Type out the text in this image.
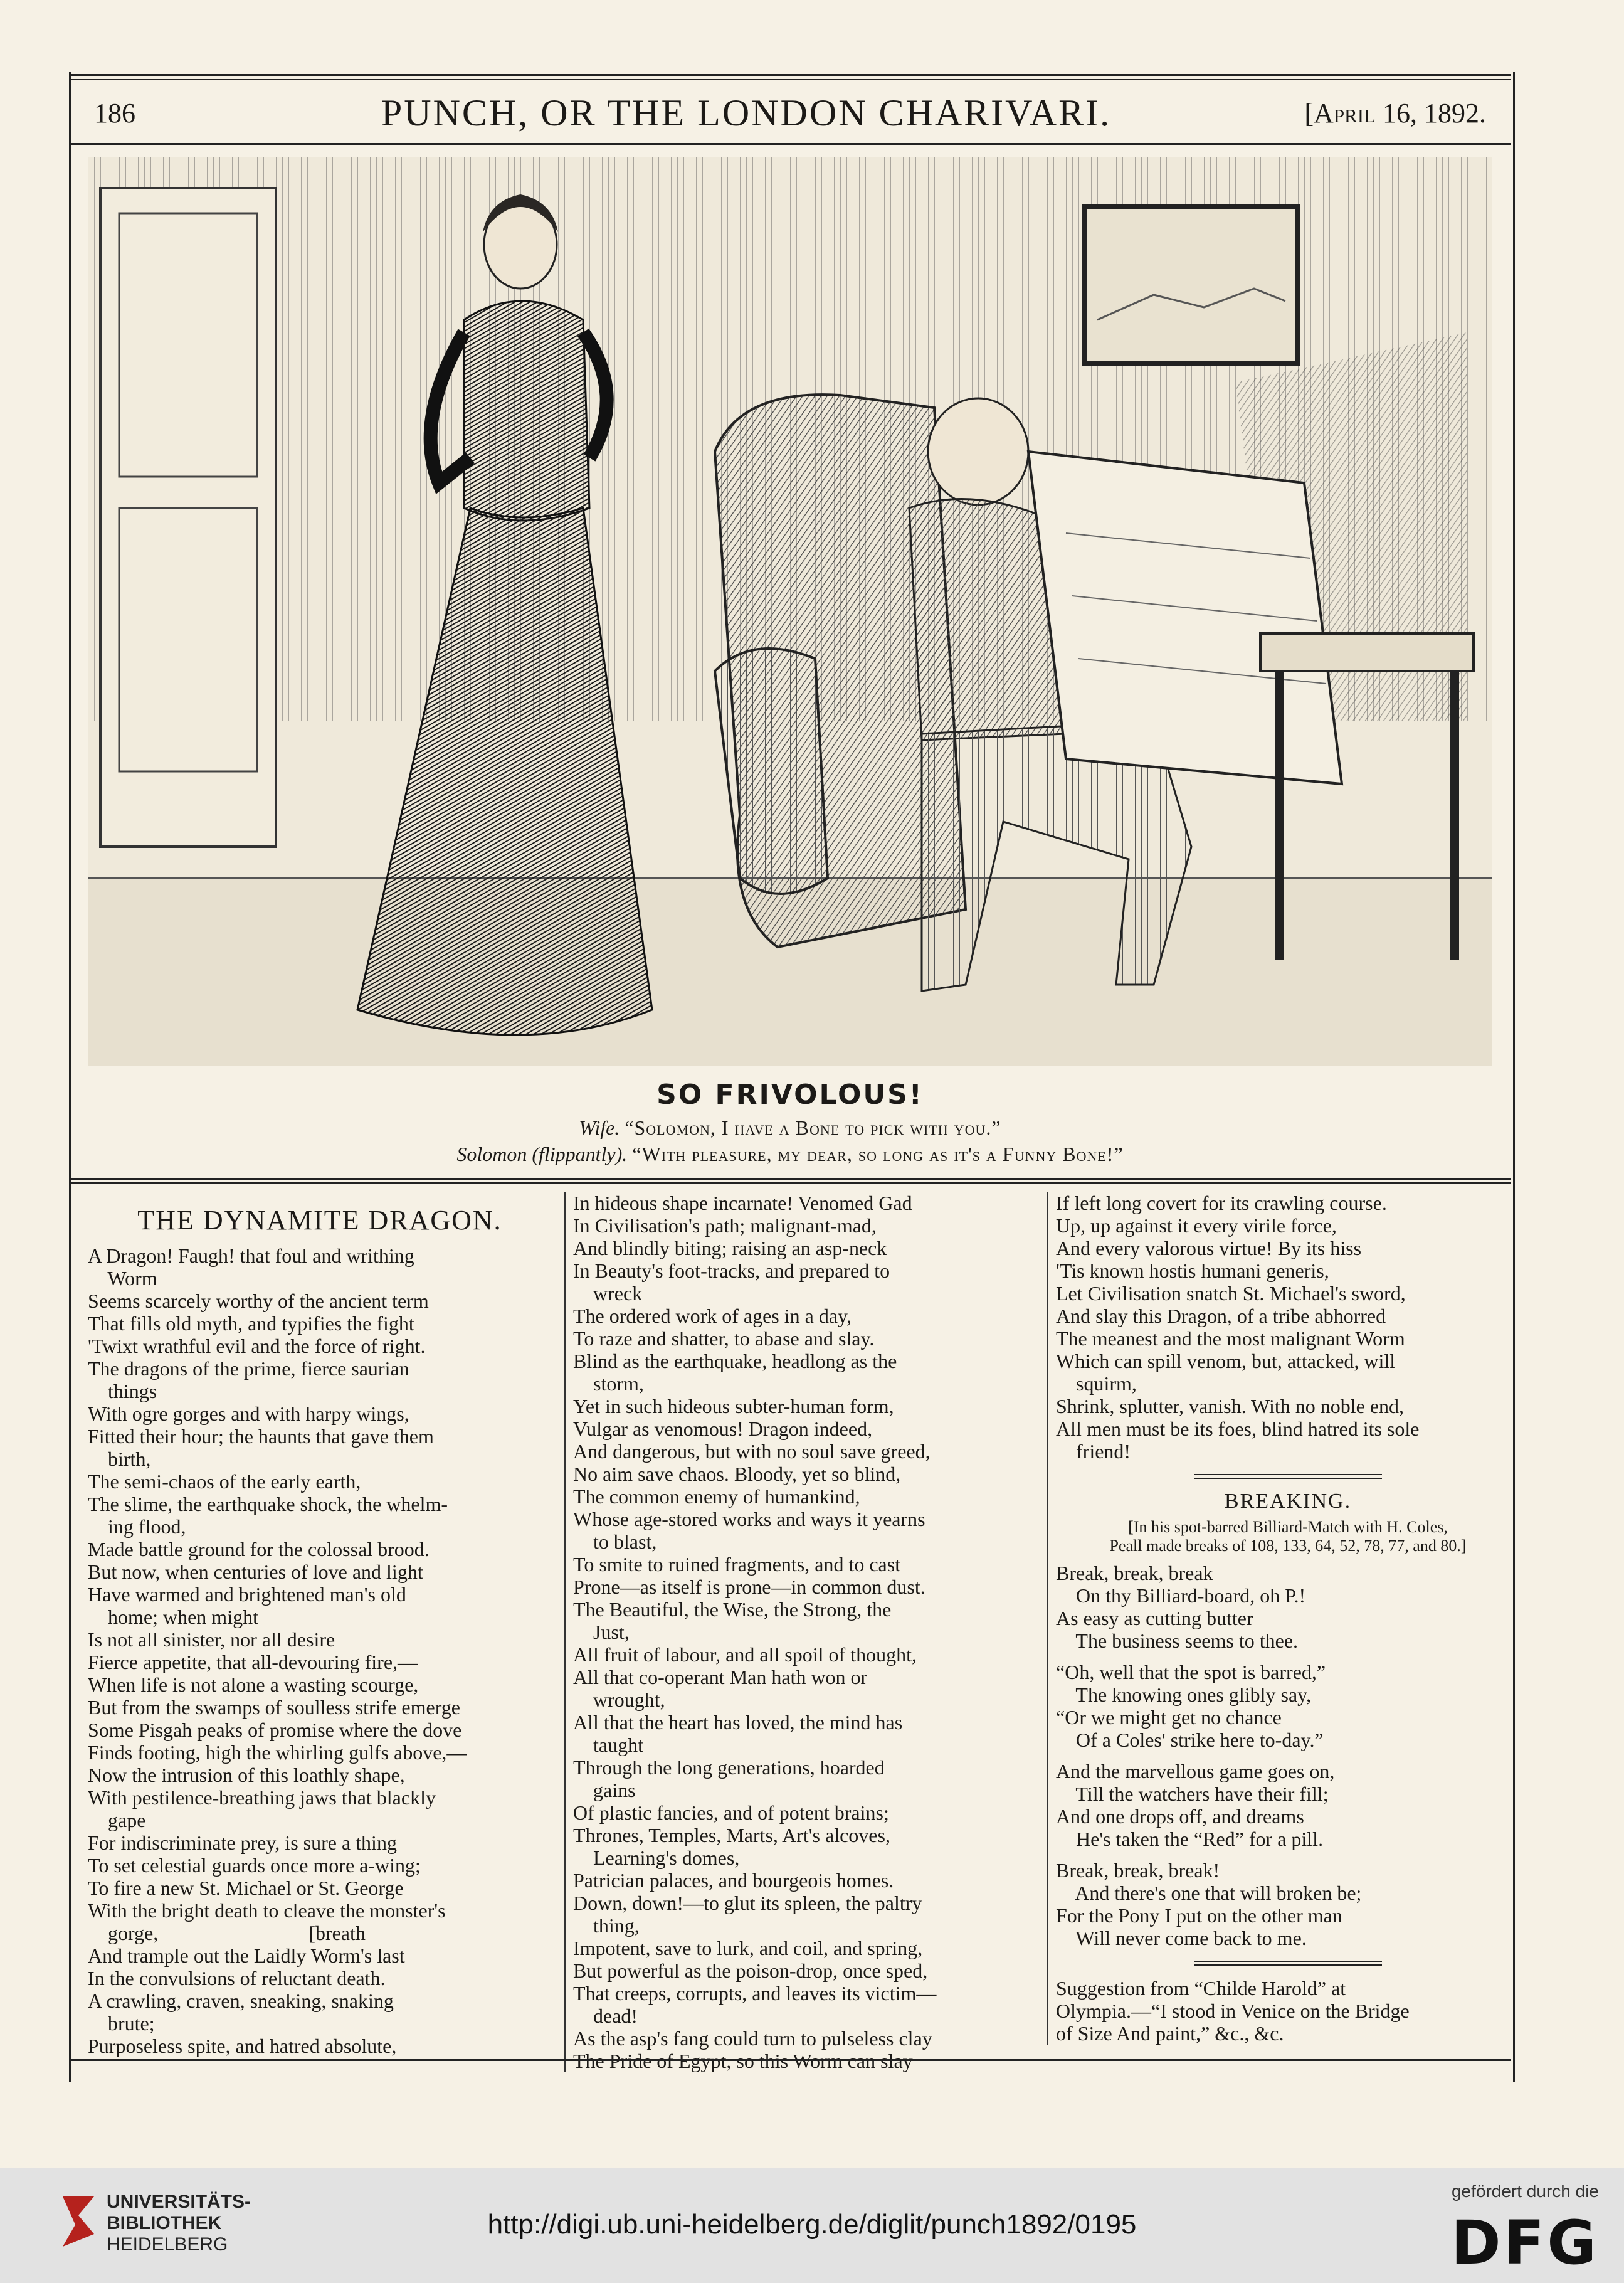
186	PUNCH, OR THE LONDON CHARIVARI.	[April 16, 1892.
SO FRIVOLOUS!
Wife. “Solomon, I have a Bone to pick with you.”
Solomon (flippantly). “With pleasure, my dear, so long as it's a Funny Bone!”
THE DYNAMITE DRAGON.
A Dragon! Faugh! that foul and writhing
Worm
Seems scarcely worthy of the ancient term
That fills old myth, and typifies the fight
'Twixt wrathful evil and the force of right.
The dragons of the prime, fierce saurian
things
With ogre gorges and with harpy wings,
Fitted their hour; the haunts that gave them
birth,
The semi-chaos of the early earth,
The slime, the earthquake shock, the whelm-
ing flood,
Made battle ground for the colossal brood.
But now, when centuries of love and light
Have warmed and brightened man's old
home; when might
Is not all sinister, nor all desire
Fierce appetite, that all-devouring fire,—
When life is not alone a wasting scourge,
But from the swamps of soulless strife emerge
Some Pisgah peaks of promise where the dove
Finds footing, high the whirling gulfs above,—
Now the intrusion of this loathly shape,
With pestilence-breathing jaws that blackly
gape
For indiscriminate prey, is sure a thing
To set celestial guards once more a-wing;
To fire a new St. Michael or St. George
With the bright death to cleave the monster's
gorge,                              [breath
And trample out the Laidly Worm's last
In the convulsions of reluctant death.
A crawling, craven, sneaking, snaking
brute;
Purposeless spite, and hatred absolute,
In hideous shape incarnate! Venomed Gad
In Civilisation's path; malignant-mad,
And blindly biting; raising an asp-neck
In Beauty's foot-tracks, and prepared to
wreck
The ordered work of ages in a day,
To raze and shatter, to abase and slay.
Blind as the earthquake, headlong as the
storm,
Yet in such hideous subter-human form,
Vulgar as venomous! Dragon indeed,
And dangerous, but with no soul save greed,
No aim save chaos. Bloody, yet so blind,
The common enemy of humankind,
Whose age-stored works and ways it yearns
to blast,
To smite to ruined fragments, and to cast
Prone—as itself is prone—in common dust.
The Beautiful, the Wise, the Strong, the
Just,
All fruit of labour, and all spoil of thought,
All that co-operant Man hath won or
wrought,
All that the heart has loved, the mind has
taught
Through the long generations, hoarded
gains
Of plastic fancies, and of potent brains;
Thrones, Temples, Marts, Art's alcoves,
Learning's domes,
Patrician palaces, and bourgeois homes.
Down, down!—to glut its spleen, the paltry
thing,
Impotent, save to lurk, and coil, and spring,
But powerful as the poison-drop, once sped,
That creeps, corrupts, and leaves its victim—
dead!
As the asp's fang could turn to pulseless clay
The Pride of Egypt, so this Worm can slay
If left long covert for its crawling course.
Up, up against it every virile force,
And every valorous virtue! By its hiss
'Tis known hostis humani generis,
Let Civilisation snatch St. Michael's sword,
And slay this Dragon, of a tribe abhorred
The meanest and the most malignant Worm
Which can spill venom, but, attacked, will
squirm,
Shrink, splutter, vanish. With no noble end,
All men must be its foes, blind hatred its sole
friend!
BREAKING.
[In his spot-barred Billiard-Match with H. Coles,
Peall made breaks of 108, 133, 64, 52, 78, 77, and 80.]
Break, break, break
On thy Billiard-board, oh P.!
As easy as cutting butter
The business seems to thee.
“Oh, well that the spot is barred,”
The knowing ones glibly say,
“Or we might get no chance
Of a Coles' strike here to-day.”
And the marvellous game goes on,
Till the watchers have their fill;
And one drops off, and dreams
He's taken the “Red” for a pill.
Break, break, break!
And there's one that will broken be;
For the Pony I put on the other man
Will never come back to me.
Suggestion from “Childe Harold” at
Olympia.—“I stood in Venice on the Bridge
of Size And paint,” &c., &c.
UNIVERSITÄTS-
BIBLIOTHEK
HEIDELBERG
http://digi.ub.uni-heidelberg.de/diglit/punch1892/0195
gefördert durch die
DFG
